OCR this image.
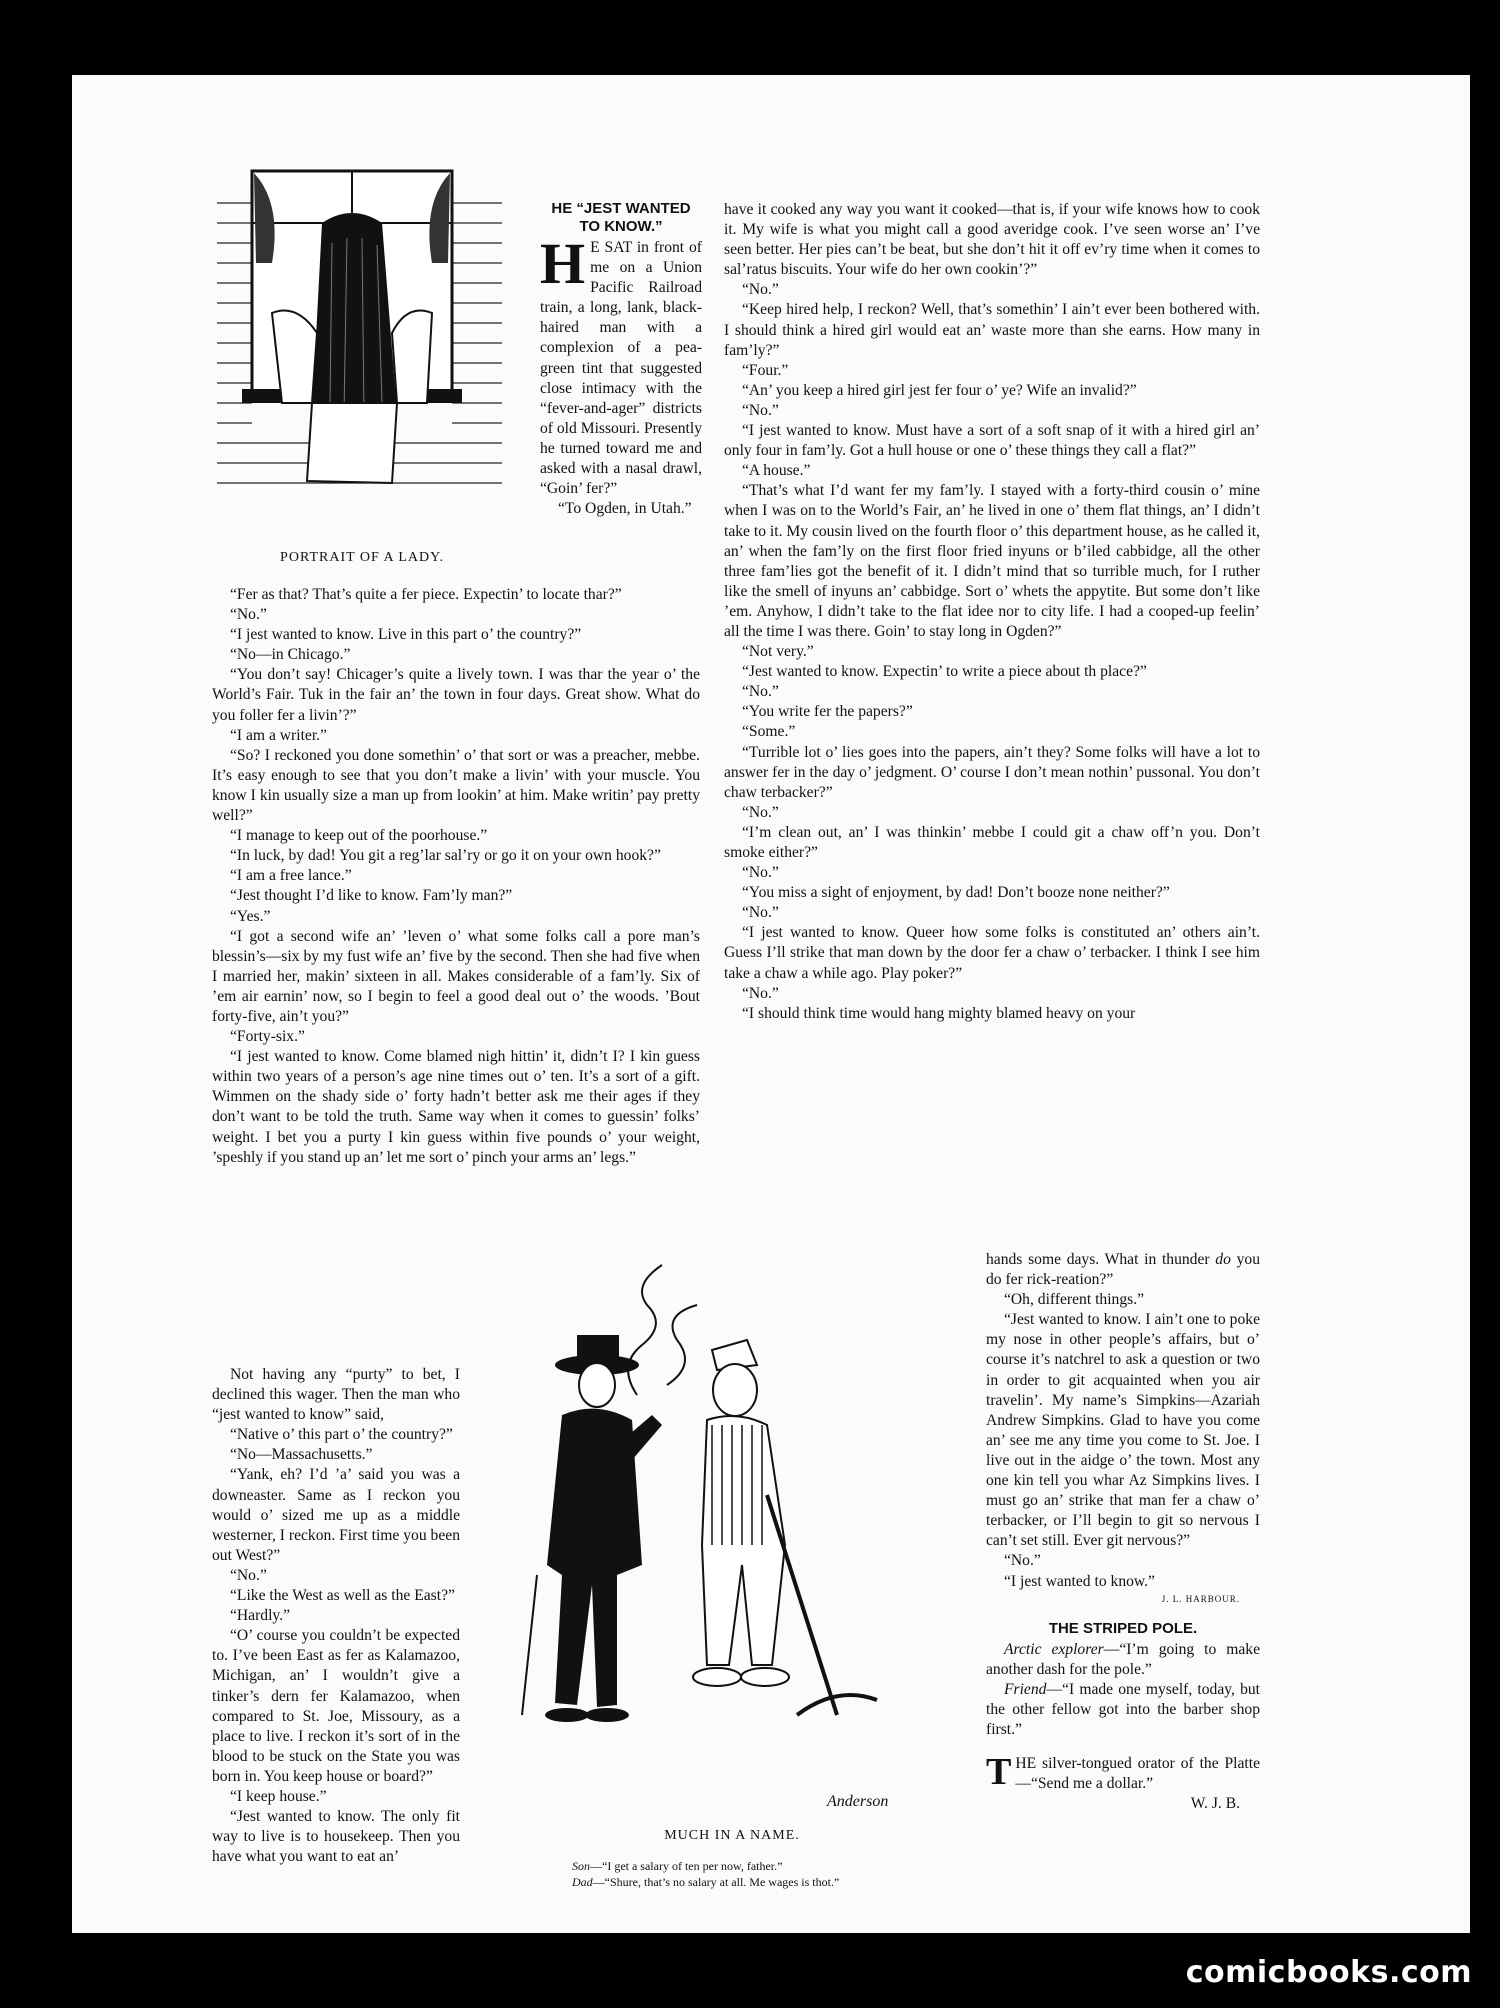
PORTRAIT OF A LADY.

HE “JEST WANTED TO KNOW.”

H E SAT in front of me on a Union Pacific Railroad train, a long, lank, black-haired man with a complexion of a pea-green tint that suggested close intimacy with the “fever-and-ager” districts of old Missouri. Presently he turned toward me and asked with a nasal drawl, “Goin’ fer?”

“To Ogden, in Utah.”

“Fer as that? That’s quite a fer piece. Expectin’ to locate thar?”

“No.”

“I jest wanted to know. Live in this part o’ the country?”

“No—in Chicago.”

“You don’t say! Chicager’s quite a lively town. I was thar the year o’ the World’s Fair. Tuk in the fair an’ the town in four days. Great show. What do you foller fer a livin’?”

“I am a writer.”

“So? I reckoned you done somethin’ o’ that sort or was a preacher, mebbe. It’s easy enough to see that you don’t make a livin’ with your muscle. You know I kin usually size a man up from lookin’ at him. Make writin’ pay pretty well?”

“I manage to keep out of the poorhouse.”

“In luck, by dad! You git a reg’lar sal’ry or go it on your own hook?”

“I am a free lance.”

“Jest thought I’d like to know. Fam’ly man?”

“Yes.”

“I got a second wife an’ ’leven o’ what some folks call a pore man’s blessin’s—six by my fust wife an’ five by the second. Then she had five when I married her, makin’ sixteen in all. Makes considerable of a fam’ly. Six of ’em air earnin’ now, so I begin to feel a good deal out o’ the woods. ’Bout forty-five, ain’t you?”

“Forty-six.”

“I jest wanted to know. Come blamed nigh hittin’ it, didn’t I? I kin guess within two years of a person’s age nine times out o’ ten. It’s a sort of a gift. Wimmen on the shady side o’ forty hadn’t better ask me their ages if they don’t want to be told the truth. Same way when it comes to guessin’ folks’ weight. I bet you a purty I kin guess within five pounds o’ your weight, ’speshly if you stand up an’ let me sort o’ pinch your arms an’ legs.”

Not having any “purty” to bet, I declined this wager. Then the man who “jest wanted to know” said,

“Native o’ this part o’ the country?”

“No—Massachusetts.”

“Yank, eh? I’d ’a’ said you was a downeaster. Same as I reckon you would o’ sized me up as a middle westerner, I reckon. First time you been out West?”

“No.”

“Like the West as well as the East?”

“Hardly.”

“O’ course you couldn’t be expected to. I’ve been East as fer as Kalamazoo, Michigan, an’ I wouldn’t give a tinker’s dern fer Kalamazoo, when compared to St. Joe, Missoury, as a place to live. I reckon it’s sort of in the blood to be stuck on the State you was born in. You keep house or board?”

“I keep house.”

“Jest wanted to know. The only fit way to live is to housekeep. Then you have what you want to eat an’

have it cooked any way you want it cooked—that is, if your wife knows how to cook it. My wife is what you might call a good averidge cook. I’ve seen worse an’ I’ve seen better. Her pies can’t be beat, but she don’t hit it off ev’ry time when it comes to sal’ratus biscuits. Your wife do her own cookin’?”

“No.”

“Keep hired help, I reckon? Well, that’s somethin’ I ain’t ever been bothered with. I should think a hired girl would eat an’ waste more than she earns. How many in fam’ly?”

“Four.”

“An’ you keep a hired girl jest fer four o’ ye? Wife an invalid?”

“No.”

“I jest wanted to know. Must have a sort of a soft snap of it with a hired girl an’ only four in fam’ly. Got a hull house or one o’ these things they call a flat?”

“A house.”

“That’s what I’d want fer my fam’ly. I stayed with a forty-third cousin o’ mine when I was on to the World’s Fair, an’ he lived in one o’ them flat things, an’ I didn’t take to it. My cousin lived on the fourth floor o’ this department house, as he called it, an’ when the fam’ly on the first floor fried inyuns or b’iled cabbidge, all the other three fam’lies got the benefit of it. I didn’t mind that so turrible much, for I ruther like the smell of inyuns an’ cabbidge. Sort o’ whets the appytite. But some don’t like ’em. Anyhow, I didn’t take to the flat idee nor to city life. I had a cooped-up feelin’ all the time I was there. Goin’ to stay long in Ogden?”

“Not very.”

“Jest wanted to know. Expectin’ to write a piece about th place?”

“No.”

“You write fer the papers?”

“Some.”

“Turrible lot o’ lies goes into the papers, ain’t they? Some folks will have a lot to answer fer in the day o’ jedgment. O’ course I don’t mean nothin’ pussonal. You don’t chaw terbacker?”

“No.”

“I’m clean out, an’ I was thinkin’ mebbe I could git a chaw off’n you. Don’t smoke either?”

“No.”

“You miss a sight of enjoyment, by dad! Don’t booze none neither?”

“No.”

“I jest wanted to know. Queer how some folks is constituted an’ others ain’t. Guess I’ll strike that man down by the door fer a chaw o’ terbacker. I think I see him take a chaw a while ago. Play poker?”

“No.”

“I should think time would hang mighty blamed heavy on your

hands some days. What in thunder do you do fer rick-reation?”

“Oh, different things.”

“Jest wanted to know. I ain’t one to poke my nose in other people’s affairs, but o’ course it’s natchrel to ask a question or two in order to git acquainted when you air travelin’. My name’s Simpkins—Azariah Andrew Simpkins. Glad to have you come an’ see me any time you come to St. Joe. I live out in the aidge o’ the town. Most any one kin tell you whar Az Simpkins lives. I must go an’ strike that man fer a chaw o’ terbacker, or I’ll begin to git so nervous I can’t set still. Ever git nervous?”

“No.”

“I jest wanted to know.”

J. L. HARBOUR.

THE STRIPED POLE.

Arctic explorer—“I’m going to make another dash for the pole.”

Friend—“I made one myself, today, but the other fellow got into the barber shop first.”

THE silver-tongued orator of the Platte—“Send me a dollar.”

W. J. B.

MUCH IN A NAME.

Son—“I get a salary of ten per now, father.”

Dad—“Shure, that’s no salary at all. Me wages is thot.”

Anderson

comicbooks.com
